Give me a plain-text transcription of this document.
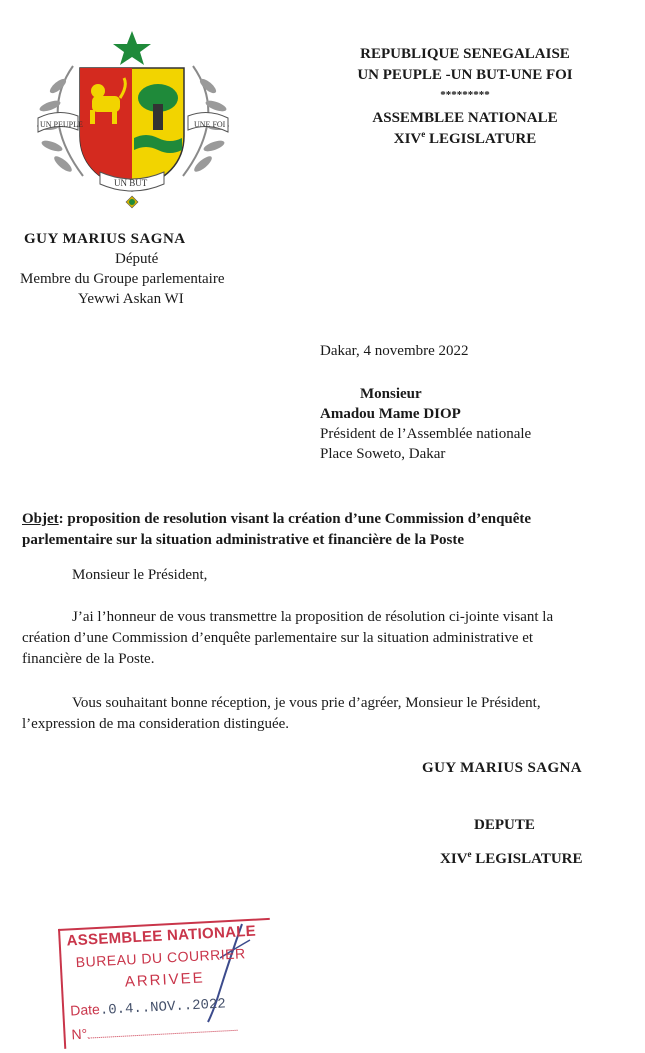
UN PEUPLE	UNE FOI
UN BUT
REPUBLIQUE SENEGALAISE
UN PEUPLE -UN BUT-UNE FOI
*********
ASSEMBLEE NATIONALE
XIVe LEGISLATURE
GUY MARIUS SAGNA
Député
Membre du Groupe parlementaire
Yewwi Askan WI
Dakar, 4 novembre 2022
Monsieur
Amadou Mame DIOP
Président de l’Assemblée nationale
Place Soweto, Dakar
Objet: proposition de resolution visant la création d’une Commission d’enquête
parlementaire sur la situation administrative et financière de la Poste
Monsieur le Président,
J’ai l’honneur de vous transmettre la proposition de résolution ci-jointe visant la
création d’une Commission d’enquête parlementaire sur la situation administrative et
financière de la Poste.
Vous souhaitant bonne réception, je vous prie d’agréer, Monsieur le Président,
l’expression de ma consideration distinguée.
GUY MARIUS SAGNA
DEPUTE
XIVe LEGISLATURE
ASSEMBLEE NATIONALE
BUREAU DU COURRIER
ARRIVEE
Date.0.4..NOV..2022
N°
